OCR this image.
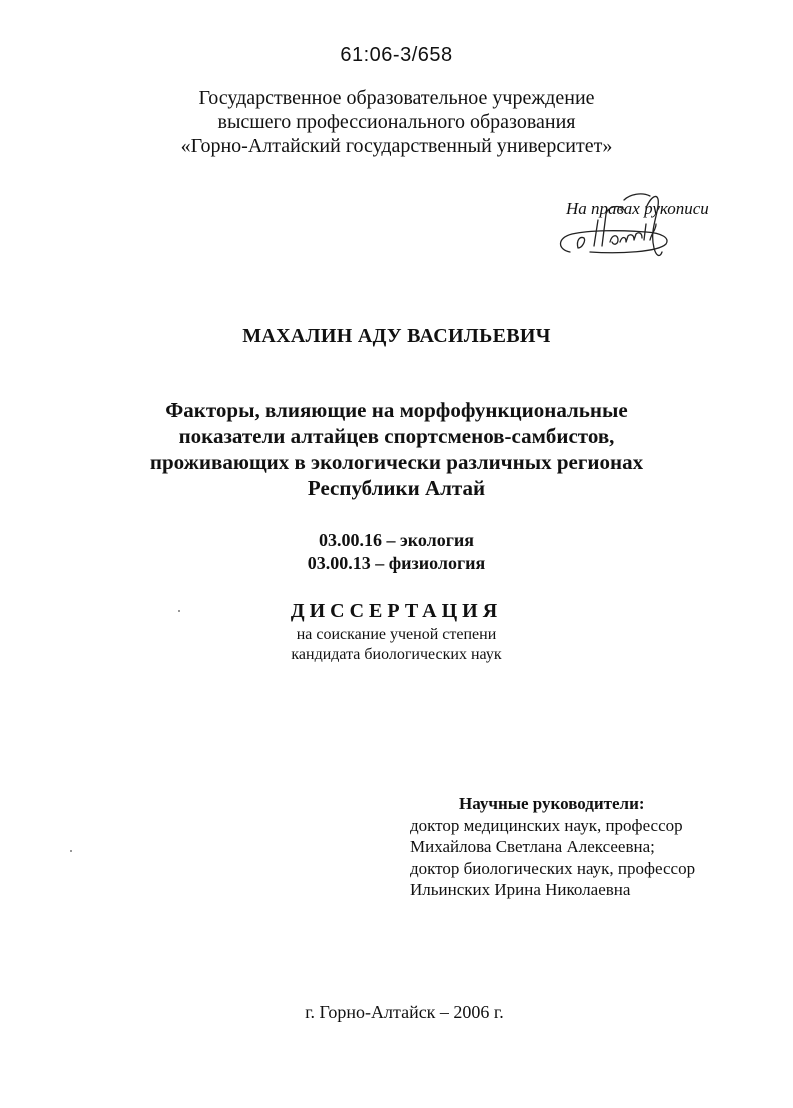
61:06-3/658
Государственное образовательное учреждение
высшего профессионального образования
«Горно-Алтайский государственный университет»
На правах рукописи
МАХАЛИН АДУ ВАСИЛЬЕВИЧ
Факторы, влияющие на морфофункциональные
показатели алтайцев спортсменов-самбистов,
проживающих в экологически различных регионах
Республики Алтай
03.00.16 – экология
03.00.13 – физиология
ДИССЕРТАЦИЯ
на соискание ученой степени
кандидата биологических наук
Научные руководители:
доктор медицинских наук, профессор
Михайлова Светлана Алексеевна;
доктор биологических наук, профессор
Ильинских Ирина Николаевна
г. Горно-Алтайск – 2006 г.
